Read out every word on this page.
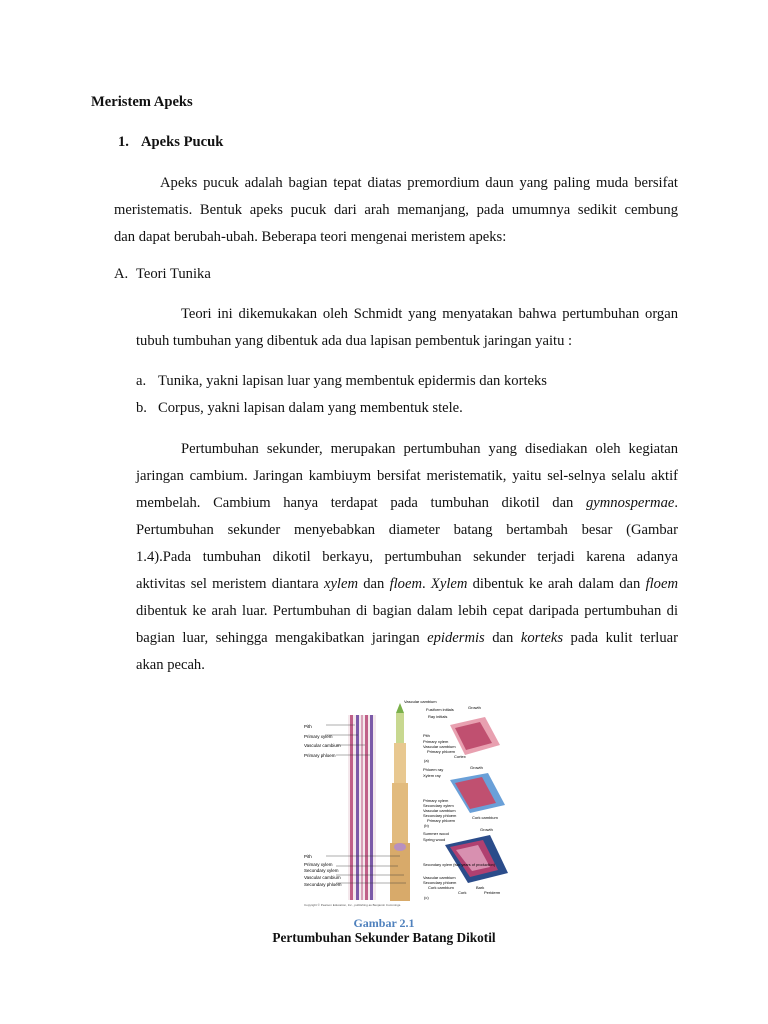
Meristem Apeks
1. Apeks Pucuk
Apeks pucuk adalah bagian tepat diatas premordium daun yang paling muda bersifat
meristematis. Bentuk apeks pucuk dari arah memanjang, pada umumnya sedikit cembung
dan dapat berubah-ubah. Beberapa teori mengenai meristem apeks:
A. Teori Tunika
Teori ini dikemukakan oleh Schmidt yang menyatakan bahwa pertumbuhan organ
tubuh tumbuhan yang dibentuk ada dua lapisan pembentuk jaringan yaitu :
a. Tunika, yakni lapisan luar yang membentuk epidermis dan korteks
b. Corpus, yakni lapisan dalam yang membentuk stele.
Pertumbuhan sekunder, merupakan pertumbuhan yang disediakan oleh kegiatan
jaringan cambium. Jaringan kambiuym bersifat meristematik, yaitu sel-selnya selalu aktif
membelah. Cambium hanya terdapat pada tumbuhan dikotil dan gymnospermae.
Pertumbuhan sekunder menyebabkan diameter batang bertambah besar (Gambar
1.4).Pada tumbuhan dikotil berkayu, pertumbuhan sekunder terjadi karena adanya
aktivitas sel meristem diantara xylem dan floem. Xylem dibentuk ke arah dalam dan floem
dibentuk ke arah luar. Pertumbuhan di bagian dalam lebih cepat daripada pertumbuhan di
bagian luar, sehingga mengakibatkan jaringan epidermis dan korteks pada kulit terluar
akan pecah.
Pith
Primary xylem
Vascular cambium
Primary phloem
Pith
Primary xylem
Secondary xylem
Vascular cambium
Secondary phloem
Vascular cambium
Fusiform initials
Ray initials
Growth
Pith
Primary xylem
Vascular cambium
Primary phloem
Cortex
(a)
Phloem ray
Xylem ray
Growth
Primary xylem
Secondary xylem
Vascular cambium
Secondary phloem
Primary phloem
Cork cambium
(b)
Summer wood
Spring wood
Growth
Secondary xylem (two years of production)
Vascular cambium
Secondary phloem
Cork cambium
Cork
Bark
Periderm
(c)
Copyright © Pearson Education, Inc., publishing as Benjamin Cummings.
Gambar 2.1
Pertumbuhan Sekunder Batang Dikotil
